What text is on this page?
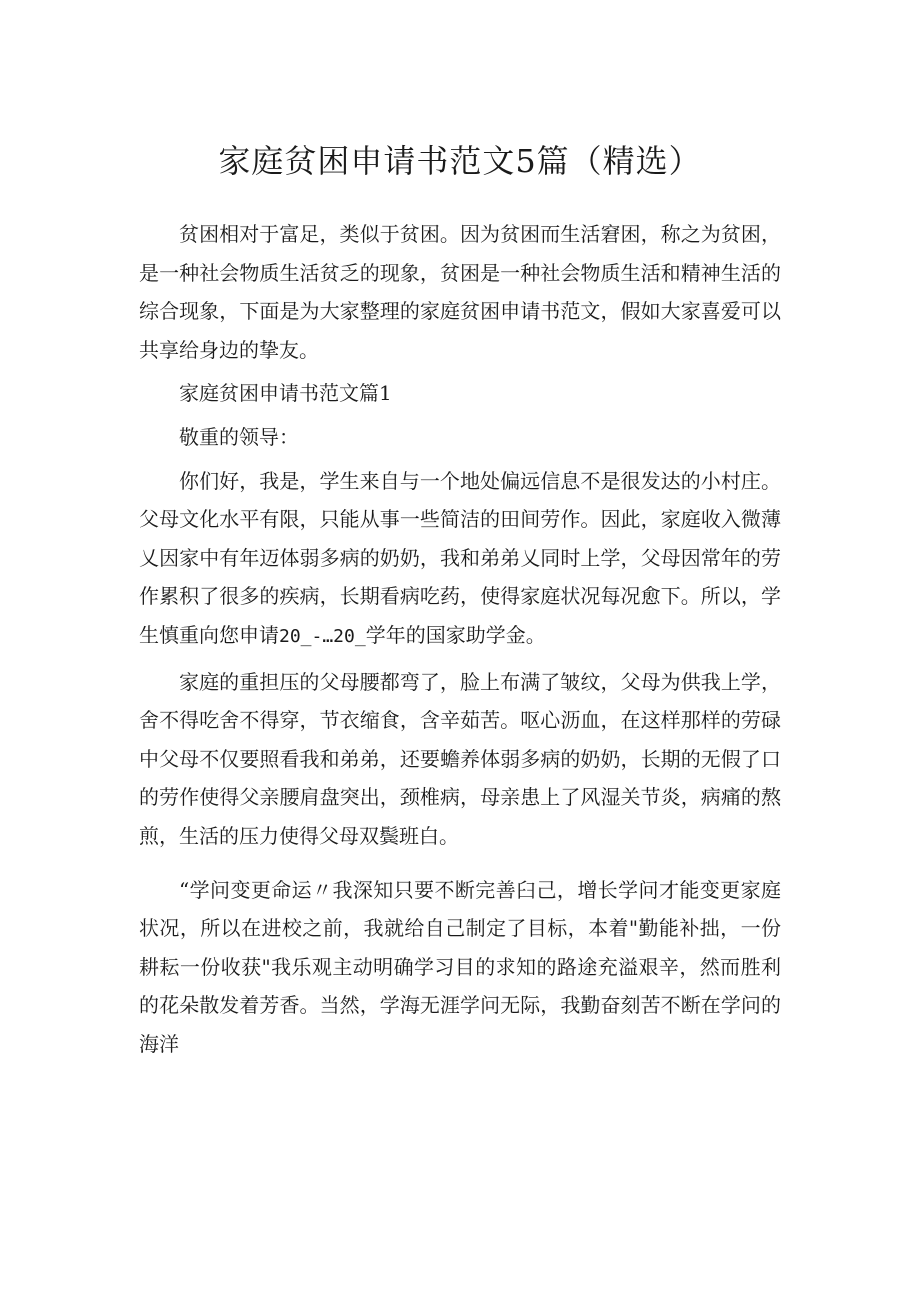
家庭贫困申请书范文5篇（精选）

贫困相对于富足，类似于贫困。因为贫困而生活窘困，称之为贫困，是一种社会物质生活贫乏的现象，贫困是一种社会物质生活和精神生活的综合现象，下面是为大家整理的家庭贫困申请书范文，假如大家喜爱可以共享给身边的挚友。

家庭贫困申请书范文篇1

敬重的领导：

你们好，我是，学生来自与一个地处偏远信息不是很发达的小村庄。父母文化水平有限，只能从事一些简洁的田间劳作。因此，家庭收入微薄乂因家中有年迈体弱多病的奶奶，我和弟弟乂同时上学，父母因常年的劳作累积了很多的疾病，长期看病吃药，使得家庭状况每况愈下。所以，学生慎重向您申请20_-…20_学年的国家助学金。

家庭的重担压的父母腰都弯了，脸上布满了皱纹，父母为供我上学，舍不得吃舍不得穿，节衣缩食，含辛茹苦。呕心沥血，在这样那样的劳碌中父母不仅要照看我和弟弟，还要蟾养体弱多病的奶奶，长期的无假了口的劳作使得父亲腰肩盘突出，颈椎病，母亲患上了风湿关节炎，病痛的熬煎，生活的压力使得父母双鬓班白。

“学问变更命运〃我深知只要不断完善臼己，增长学问才能变更家庭状况，所以在进校之前，我就给自己制定了目标，本着"勤能补拙，一份耕耘一份收获"我乐观主动明确学习目的求知的路途充溢艰辛，然而胜利的花朵散发着芳香。当然，学海无涯学问无际，我勤奋刻苦不断在学问的海洋
